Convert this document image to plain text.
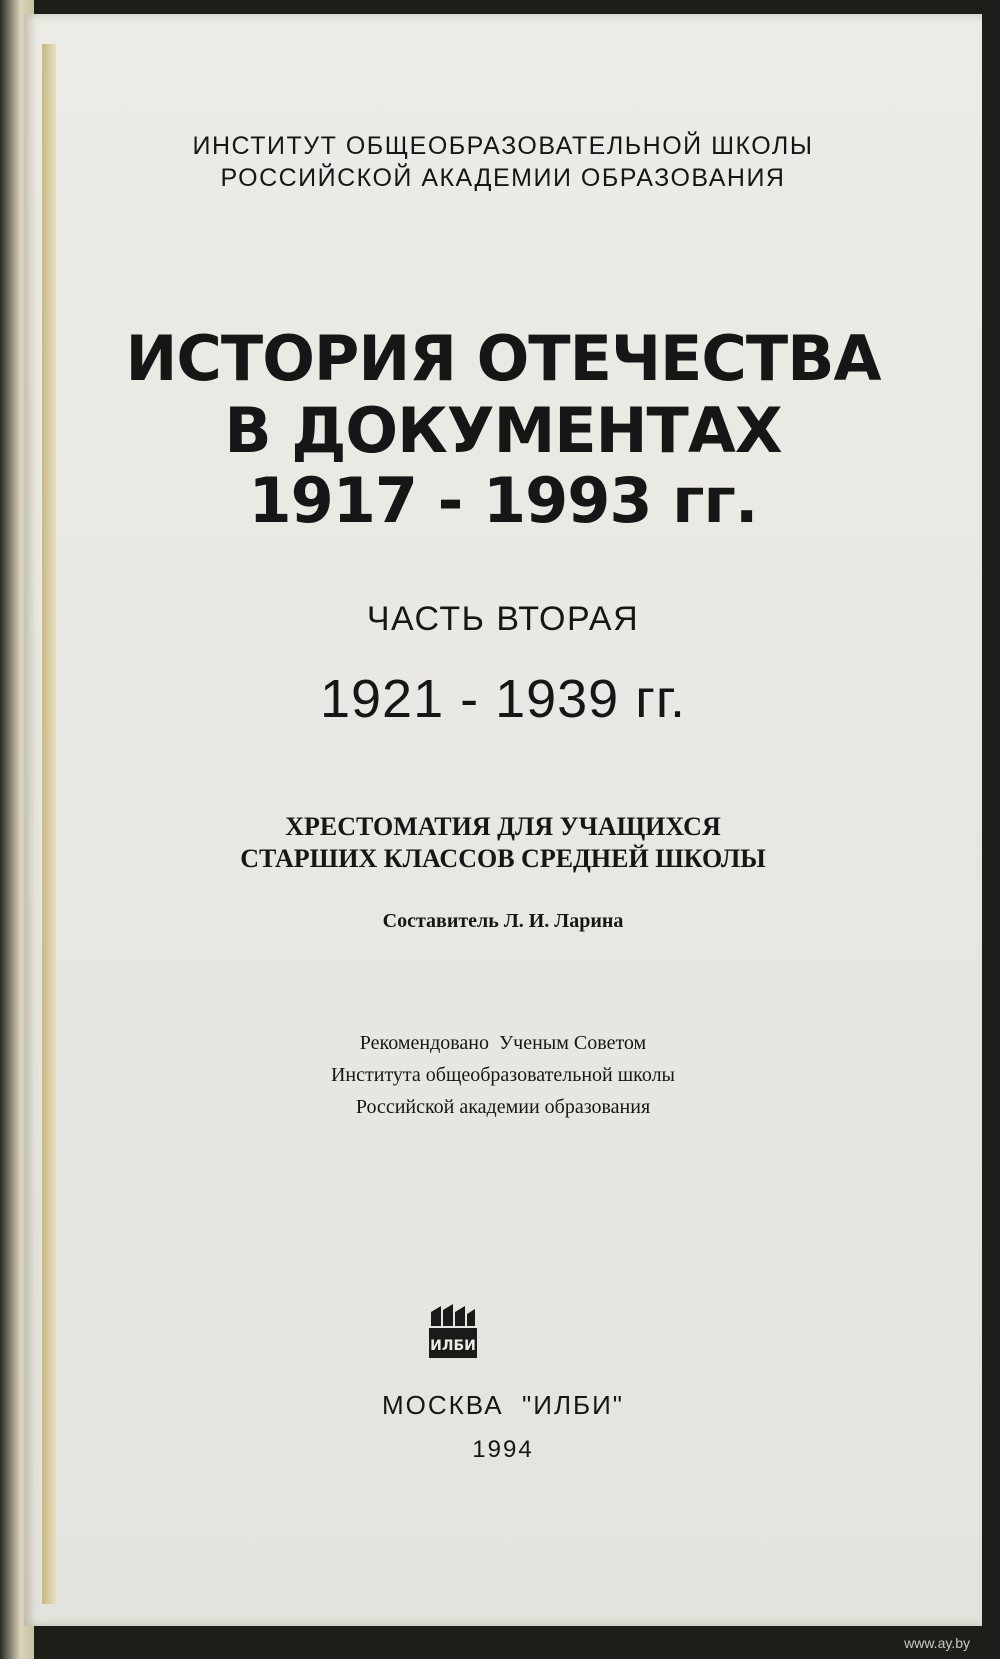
ИНСТИТУТ ОБЩЕОБРАЗОВАТЕЛЬНОЙ ШКОЛЫ
РОССИЙСКОЙ АКАДЕМИИ ОБРАЗОВАНИЯ
ИСТОРИЯ ОТЕЧЕСТВА
В ДОКУМЕНТАХ
1917 - 1993 гг.
ЧАСТЬ ВТОРАЯ
1921 - 1939 гг.
ХРЕСТОМАТИЯ ДЛЯ УЧАЩИХСЯ
СТАРШИХ КЛАССОВ СРЕДНЕЙ ШКОЛЫ
Составитель Л. И. Ларина
Рекомендовано  Ученым Советом
Института общеобразовательной школы
Российской академии образования
ИЛБИ
МОСКВА  "ИЛБИ"
1994
www.ay.by
